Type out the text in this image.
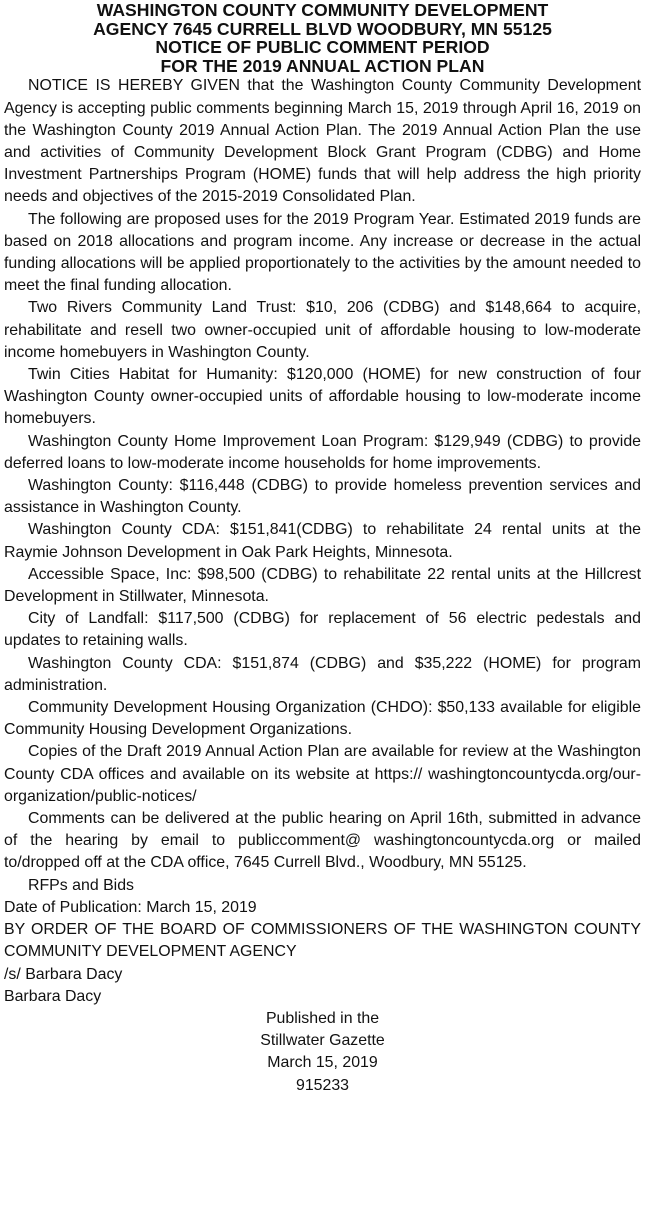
WASHINGTON COUNTY COMMUNITY DEVELOPMENT
AGENCY 7645 CURRELL BLVD WOODBURY, MN 55125
NOTICE OF PUBLIC COMMENT PERIOD
FOR THE 2019 ANNUAL ACTION PLAN

NOTICE IS HEREBY GIVEN that the Washington County Community Development Agency is accepting public comments beginning March 15, 2019 through April 16, 2019 on the Washington County 2019 Annual Action Plan. The 2019 Annual Action Plan the use and activities of Community Development Block Grant Program (CDBG) and Home Investment Partnerships Program (HOME) funds that will help address the high priority needs and objectives of the 2015-2019 Consolidated Plan.

The following are proposed uses for the 2019 Program Year. Estimated 2019 funds are based on 2018 allocations and program income. Any increase or decrease in the actual funding allocations will be applied proportionately to the activities by the amount needed to meet the final funding allocation.

Two Rivers Community Land Trust: $10, 206 (CDBG) and $148,664 to acquire, rehabilitate and resell two owner-occupied unit of affordable housing to low-moderate income homebuyers in Washington County.

Twin Cities Habitat for Humanity: $120,000 (HOME) for new construction of four Washington County owner-occupied units of affordable housing to low-moderate income homebuyers.

Washington County Home Improvement Loan Program: $129,949 (CDBG) to provide deferred loans to low-moderate income households for home improvements.

Washington County: $116,448 (CDBG) to provide homeless prevention services and assistance in Washington County.

Washington County CDA: $151,841(CDBG) to rehabilitate 24 rental units at the Raymie Johnson Development in Oak Park Heights, Minnesota.

Accessible Space, Inc: $98,500 (CDBG) to rehabilitate 22 rental units at the Hillcrest Development in Stillwater, Minnesota.

City of Landfall: $117,500 (CDBG) for replacement of 56 electric pedestals and updates to retaining walls.

Washington County CDA: $151,874 (CDBG) and $35,222 (HOME) for program administration.

Community Development Housing Organization (CHDO): $50,133 available for eligible Community Housing Development Organizations.

Copies of the Draft 2019 Annual Action Plan are available for review at the Washington County CDA offices and available on its website at https:// washingtoncountycda.org/our-organization/public-notices/

Comments can be delivered at the public hearing on April 16th, submitted in advance of the hearing by email to publiccomment@ washingtoncountycda.org or mailed to/dropped off at the CDA office, 7645 Currell Blvd., Woodbury, MN 55125.

RFPs and Bids

Date of Publication: March 15, 2019

BY ORDER OF THE BOARD OF COMMISSIONERS OF THE WASHINGTON COUNTY COMMUNITY DEVELOPMENT AGENCY

/s/ Barbara Dacy

Barbara Dacy

Published in the
Stillwater Gazette
March 15, 2019
915233
